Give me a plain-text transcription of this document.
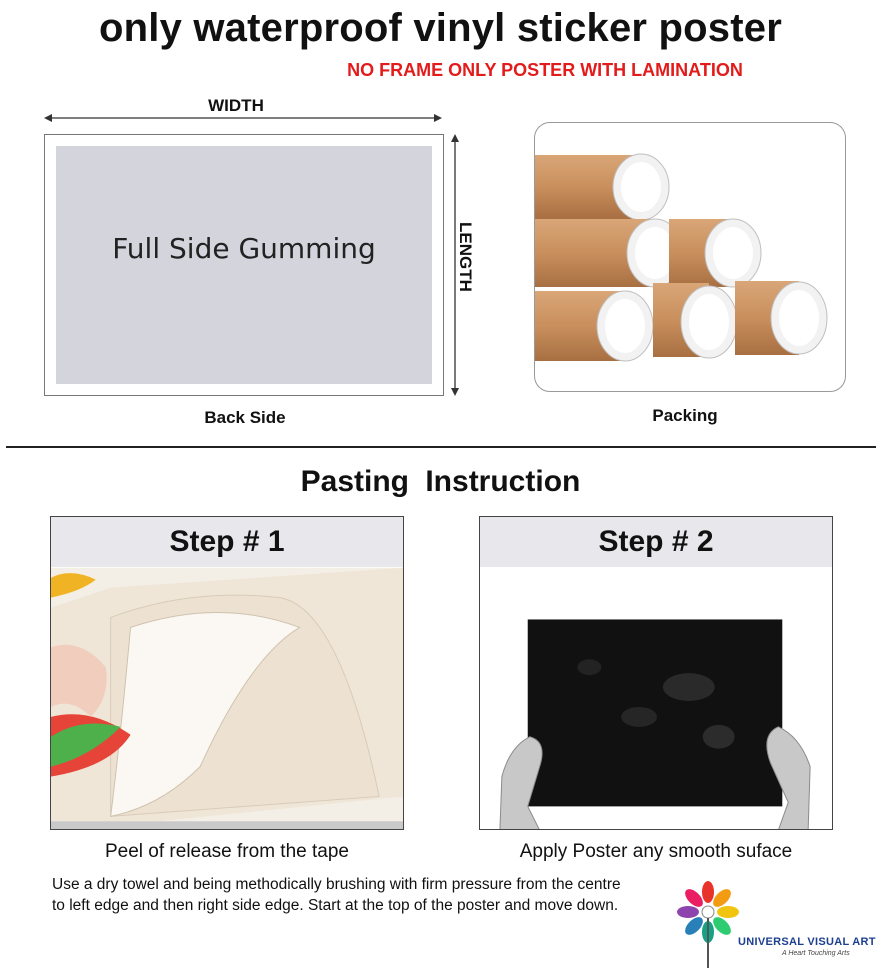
only waterproof vinyl sticker poster
NO FRAME ONLY POSTER WITH LAMINATION
WIDTH
Full Side Gumming	LENGTH
Back Side	Packing
Pasting Instruction
Step # 1	Step # 2
Peel of release from the tape	Apply Poster any smooth suface
Use a dry towel and being methodically brushing with firm pressure from the centre
to left edge and then right side edge. Start at the top of the poster and move down.
UNIVERSAL VISUAL ART
A Heart Touching Arts
